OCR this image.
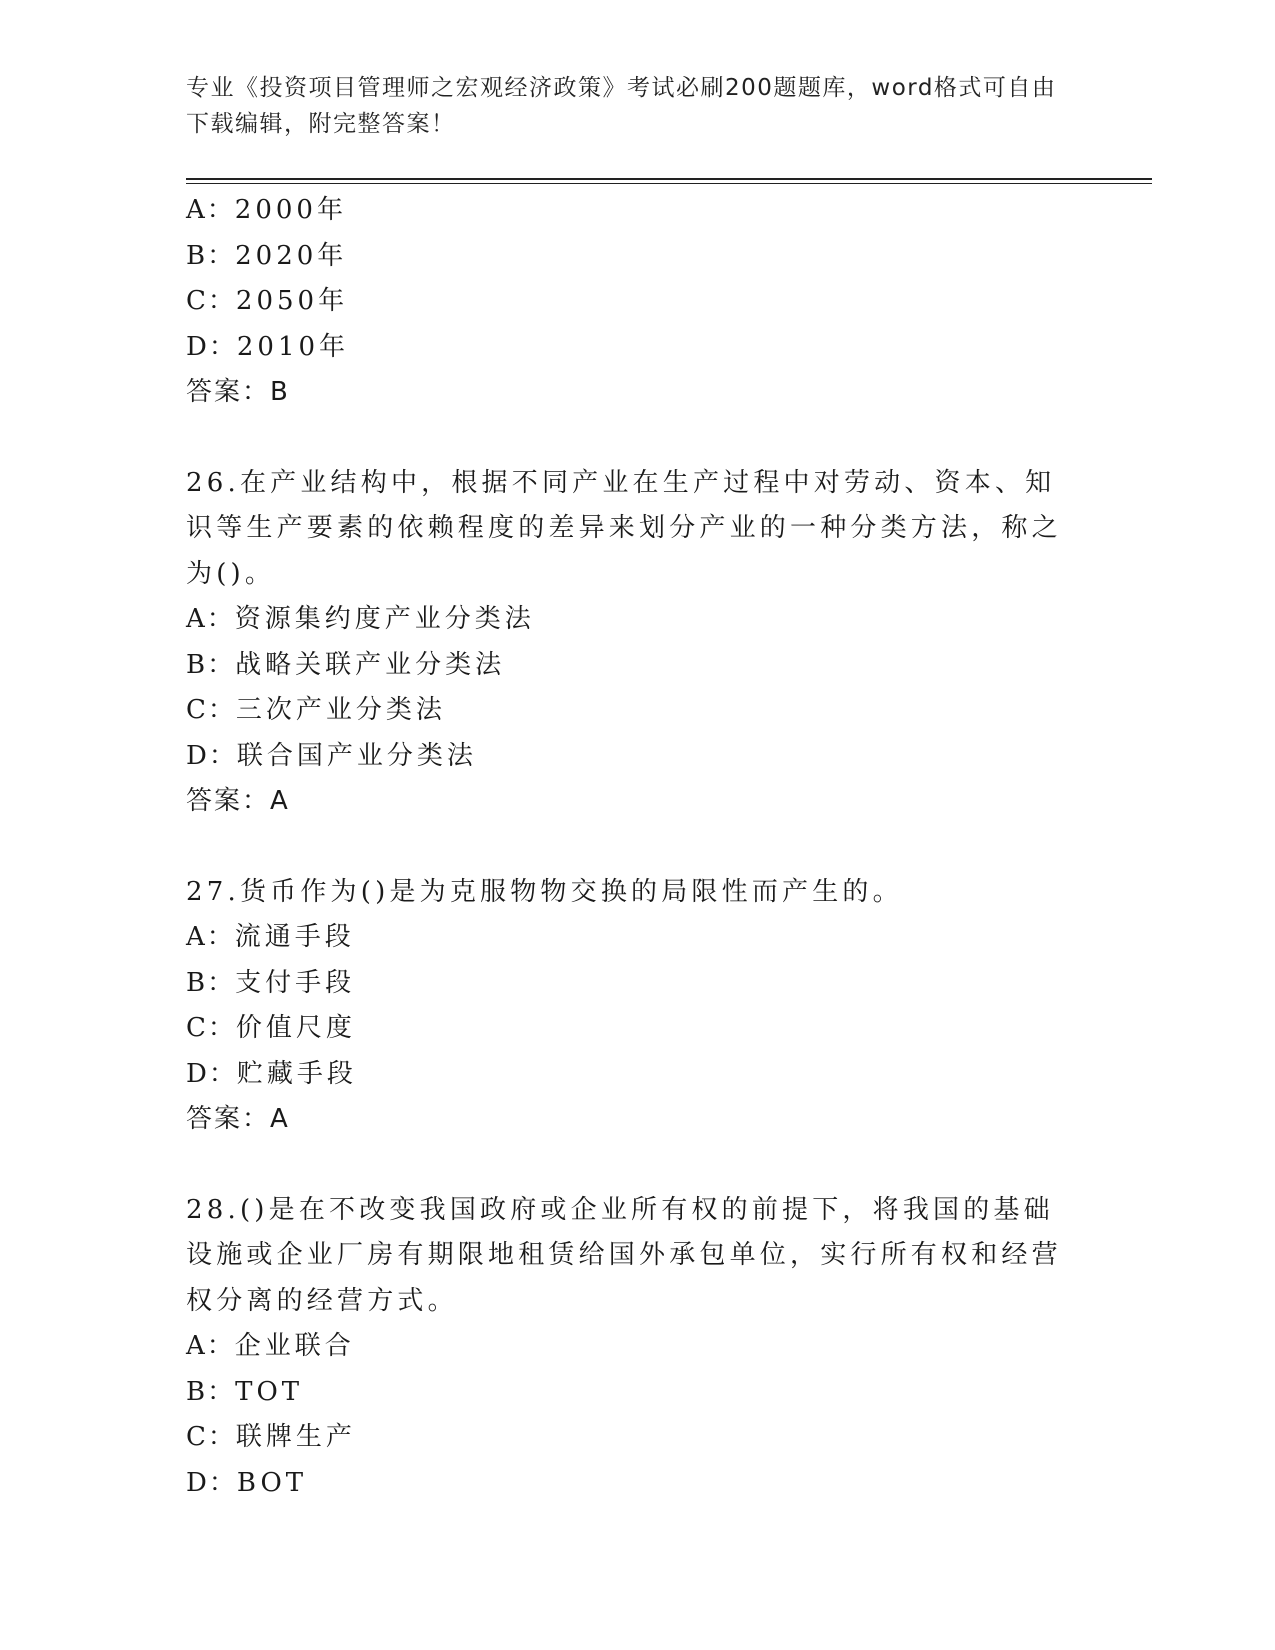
专业《投资项目管理师之宏观经济政策》考试必刷200题题库，word格式可自由下载编辑，附完整答案！
A：2000年
B：2020年
C：2050年
D：2010年
答案：B
26.在产业结构中，根据不同产业在生产过程中对劳动、资本、知识等生产要素的依赖程度的差异来划分产业的一种分类方法，称之为()。
A：资源集约度产业分类法
B：战略关联产业分类法
C：三次产业分类法
D：联合国产业分类法
答案：A
27.货币作为()是为克服物物交换的局限性而产生的。
A：流通手段
B：支付手段
C：价值尺度
D：贮藏手段
答案：A
28.()是在不改变我国政府或企业所有权的前提下，将我国的基础设施或企业厂房有期限地租赁给国外承包单位，实行所有权和经营权分离的经营方式。
A：企业联合
B：TOT
C：联牌生产
D：BOT
